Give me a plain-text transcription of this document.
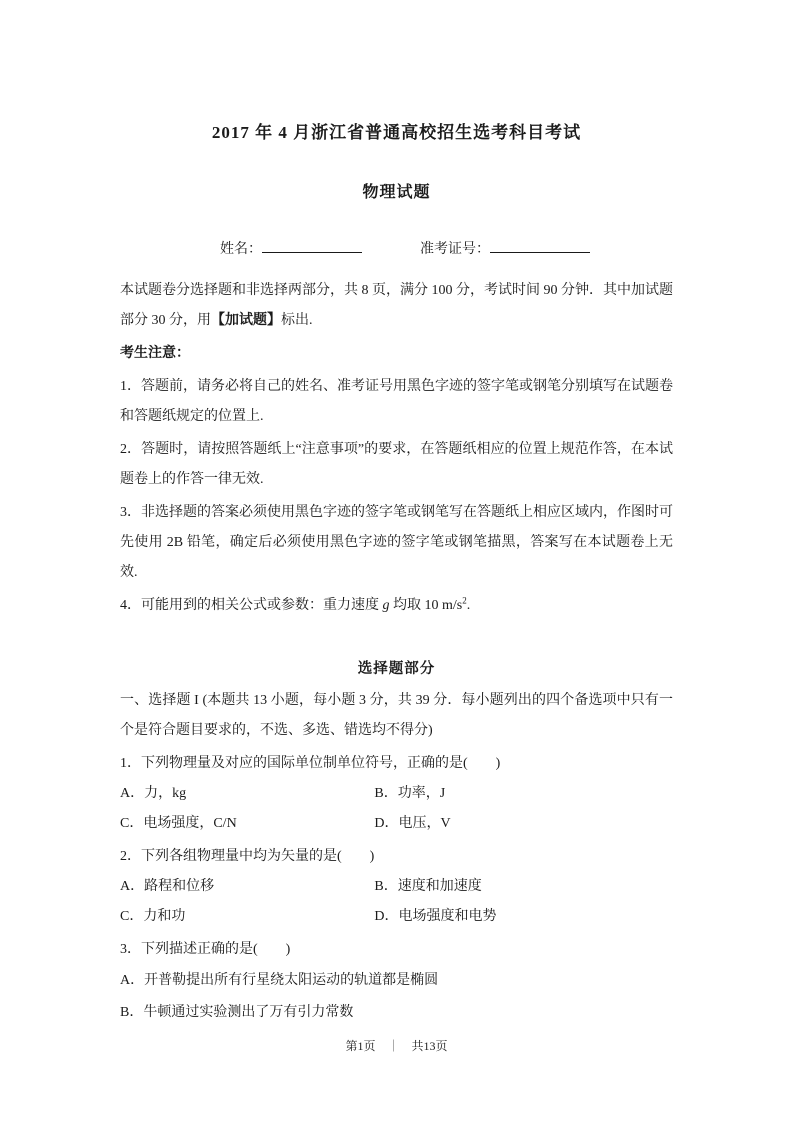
2017 年 4 月浙江省普通高校招生选考科目考试
物理试题
姓名：	准考证号：

本试题卷分选择题和非选择两部分，共 8 页，满分 100 分，考试时间 90 分钟．其中加试题部分 30 分，用【加试题】标出.

考生注意：

1．答题前，请务必将自己的姓名、准考证号用黑色字迹的签字笔或钢笔分别填写在试题卷和答题纸规定的位置上.

2．答题时，请按照答题纸上“注意事项”的要求，在答题纸相应的位置上规范作答，在本试题卷上的作答一律无效.

3．非选择题的答案必须使用黑色字迹的签字笔或钢笔写在答题纸上相应区域内，作图时可先使用 2B 铅笔，确定后必须使用黑色字迹的签字笔或钢笔描黑，答案写在本试题卷上无效.

4．可能用到的相关公式或参数：重力速度 g 均取 10 $m/s^2$.

选择题部分

一、选择题 I (本题共 13 小题，每小题 3 分，共 39 分．每小题列出的四个备选项中只有一个是符合题目要求的，不选、多选、错选均不得分)

1．下列物理量及对应的国际单位制单位符号，正确的是(　　)
A．力，kg	B．功率，J
C．电场强度，C/N	D．电压，V
2．下列各组物理量中均为矢量的是(　　)
A．路程和位移	B．速度和加速度
C．力和功	D．电场强度和电势
3．下列描述正确的是(　　)
A．开普勒提出所有行星绕太阳运动的轨道都是椭圆
B．牛顿通过实验测出了万有引力常数
第1页 ｜ 共13页
